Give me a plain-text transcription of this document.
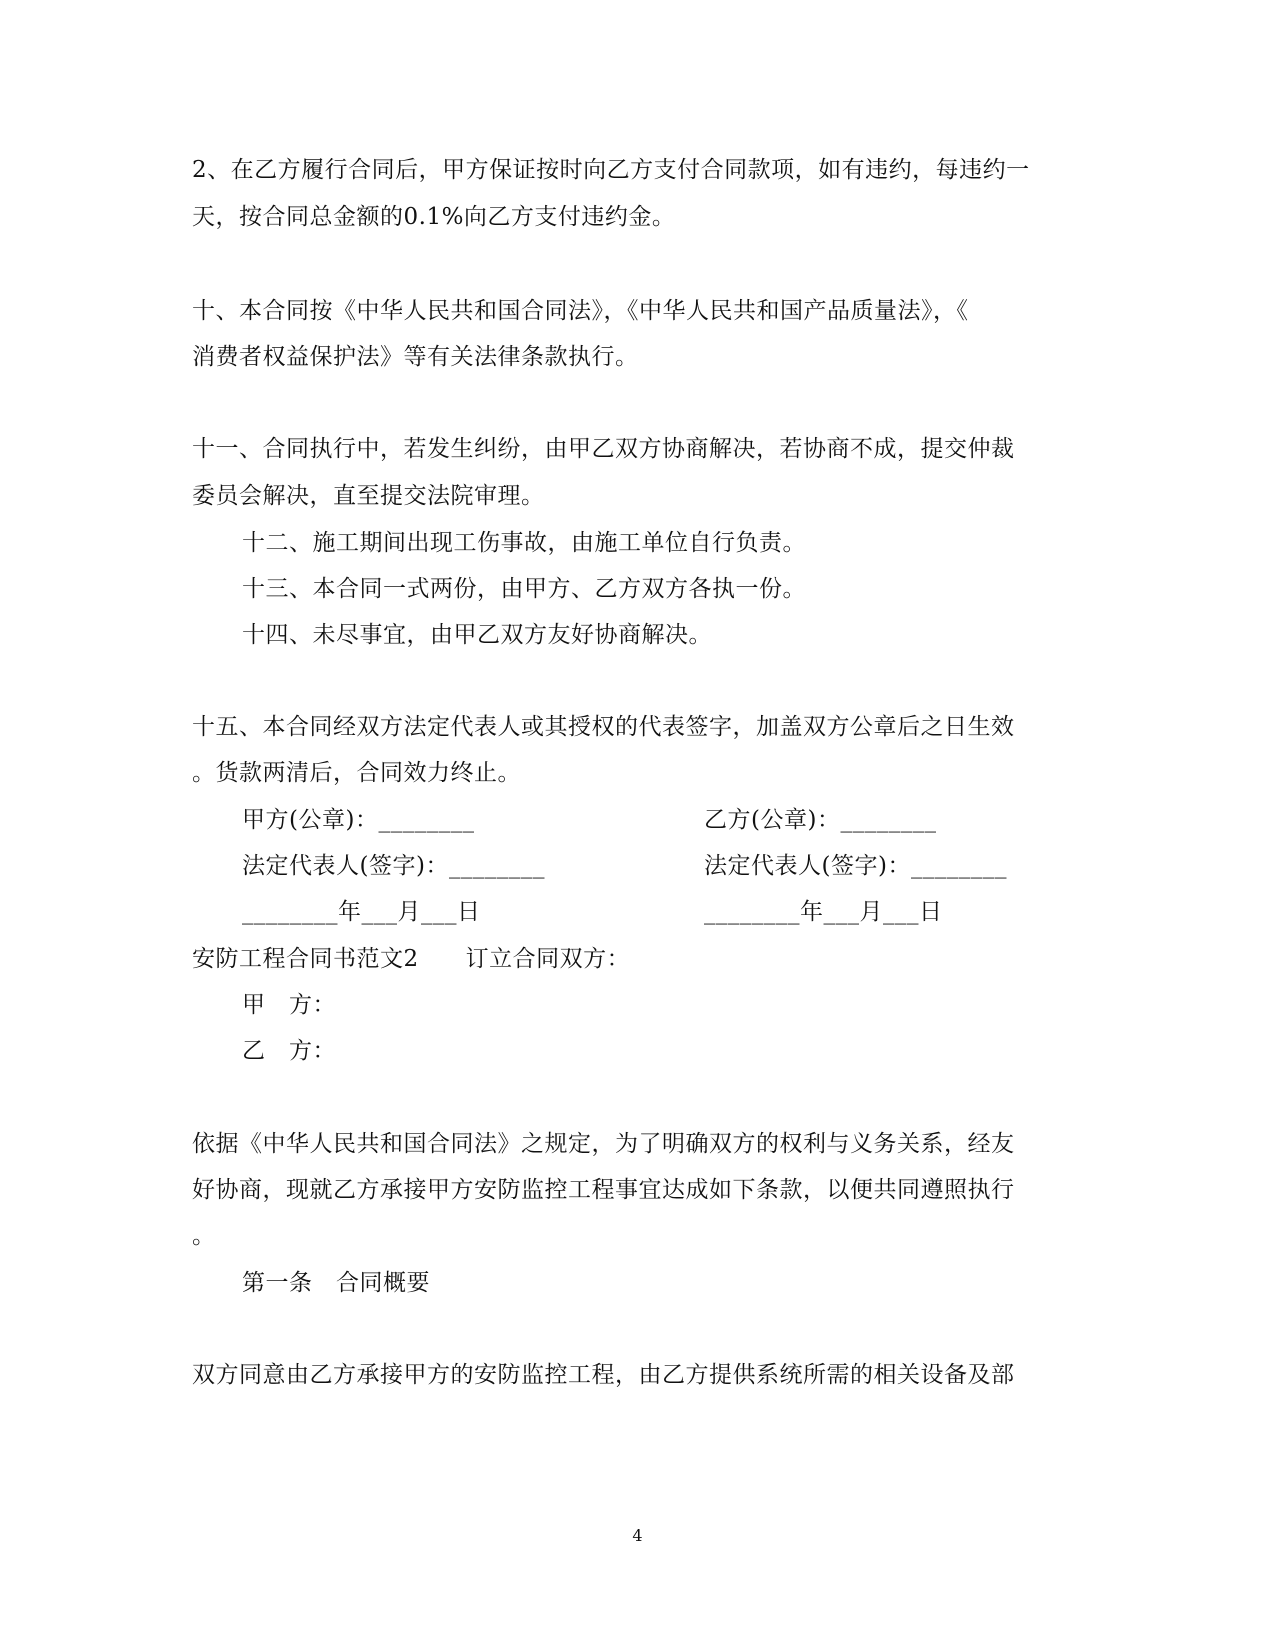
2、在乙方履行合同后，甲方保证按时向乙方支付合同款项，如有违约，每违约一
天，按合同总金额的0.1%向乙方支付违约金。
十、本合同按《中华人民共和国合同法》，《中华人民共和国产品质量法》，《
消费者权益保护法》等有关法律条款执行。
十一、合同执行中，若发生纠纷，由甲乙双方协商解决，若协商不成，提交仲裁
委员会解决，直至提交法院审理。
十二、施工期间出现工伤事故，由施工单位自行负责。
十三、本合同一式两份，由甲方、乙方双方各执一份。
十四、未尽事宜，由甲乙双方友好协商解决。
十五、本合同经双方法定代表人或其授权的代表签字，加盖双方公章后之日生效
。货款两清后，合同效力终止。
甲方(公章)：________	乙方(公章)：________
法定代表人(签字)：________	法定代表人(签字)：________
________年___月___日	________年___月___日
安防工程合同书范文2　　订立合同双方：
甲　方：
乙　方：
依据《中华人民共和国合同法》之规定，为了明确双方的权利与义务关系，经友
好协商，现就乙方承接甲方安防监控工程事宜达成如下条款，以便共同遵照执行
。
第一条　合同概要
双方同意由乙方承接甲方的安防监控工程，由乙方提供系统所需的相关设备及部
4
